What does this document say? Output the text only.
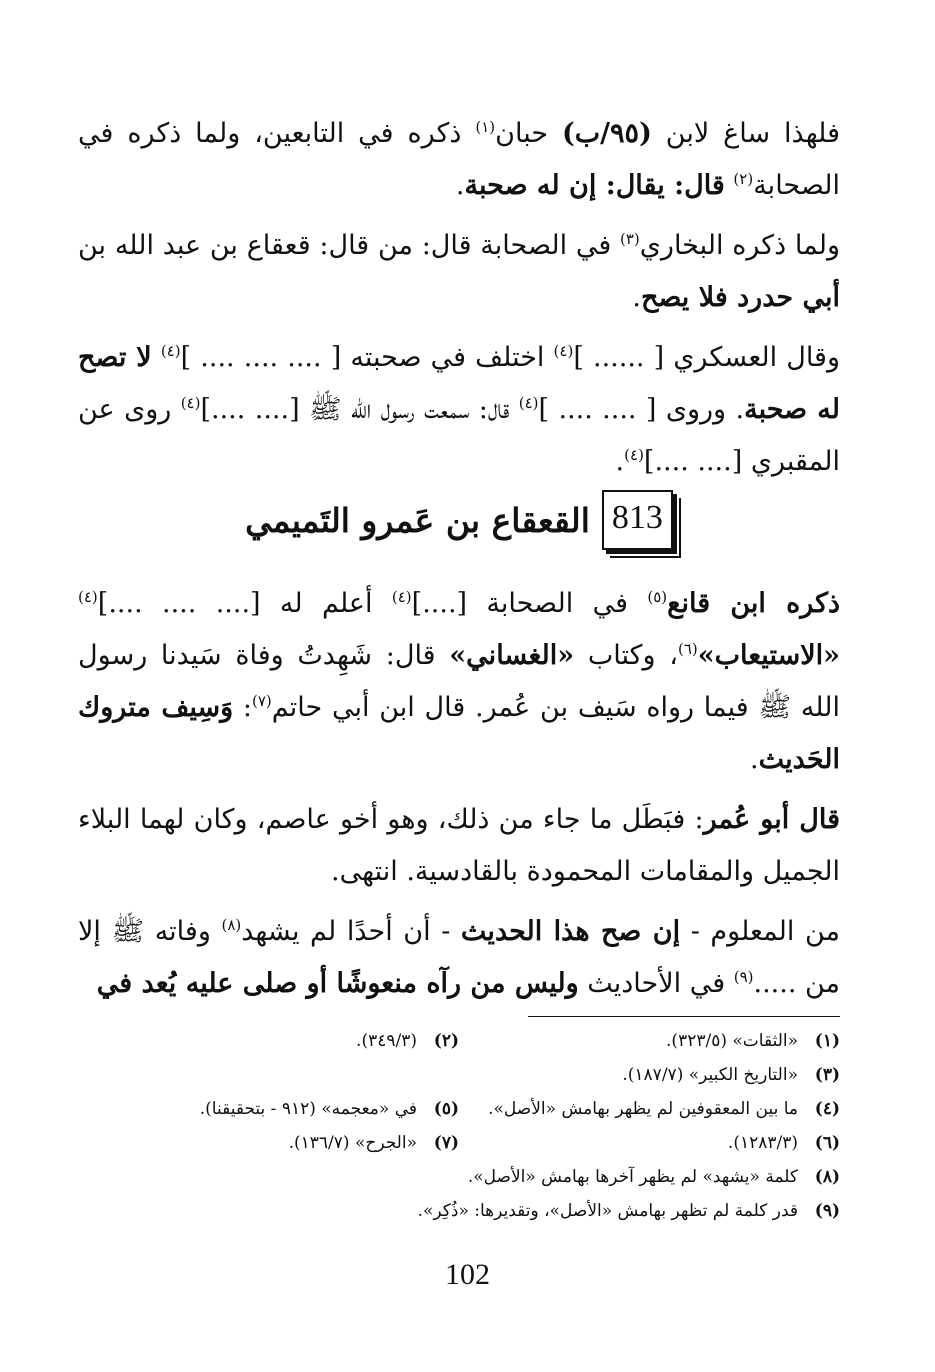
فلهذا ساغ لابن (٩٥/ب) حبان$^{(١)}$ ذكره في التابعين، ولما ذكره في الصحابة$^{(٢)}$ قال: يقال: إن له صحبة.

ولما ذكره البخاري$^{(٣)}$ في الصحابة قال: من قال: قعقاع بن عبد الله بن أبي حدرد فلا يصح.

وقال العسكري [ ...... ]$^{(٤)}$ اختلف في صحبته [ .... .... .... ]$^{(٤)}$ لا تصح له صحبة. وروى [ .... .... ]$^{(٤)}$ قال: سمعت رسول الله ﷺ [.... ....]$^{(٤)}$ روى عن المقبري [.... ....]$^{(٤)}$.

813
القعقاع بن عَمرو التَميمي

ذكره ابن قانع$^{(٥)}$ في الصحابة [....]$^{(٤)}$ أعلم له [.... .... ....]$^{(٤)}$ «الاستيعاب»$^{(٦)}$، وكتاب «الغساني» قال: شَهِدتُ وفاة سَيدنا رسول الله ﷺ فيما رواه سَيف بن عُمر. قال ابن أبي حاتم$^{(٧)}$: وَسِيف متروك الحَديث.

قال أبو عُمر: فبَطَل ما جاء من ذلك، وهو أخو عاصم، وكان لهما البلاء الجميل والمقامات المحمودة بالقادسية. انتهى.

من المعلوم - إن صح هذا الحديث - أن أحدًا لم يشهد$^{(٨)}$ وفاته ﷺ إلا من .....$^{(٩)}$ في الأحاديث وليس من رآه منعوشًا أو صلى عليه يُعد في

(١)
«الثقات» (٣٢٣/٥).
(٢)
(٣٤٩/٣).
(٣)
«التاريخ الكبير» (١٨٧/٧).
(٤)
ما بين المعقوفين لم يظهر بهامش «الأصل».
(٥)
في «معجمه» (٩١٢ - بتحقيقنا).
(٦)
(١٢٨٣/٣).
(٧)
«الجرح» (١٣٦/٧).
(٨)
كلمة «يشهد» لم يظهر آخرها بهامش «الأصل».
(٩)
قدر كلمة لم تظهر بهامش «الأصل»، وتقديرها: «ذُكِر».
102
